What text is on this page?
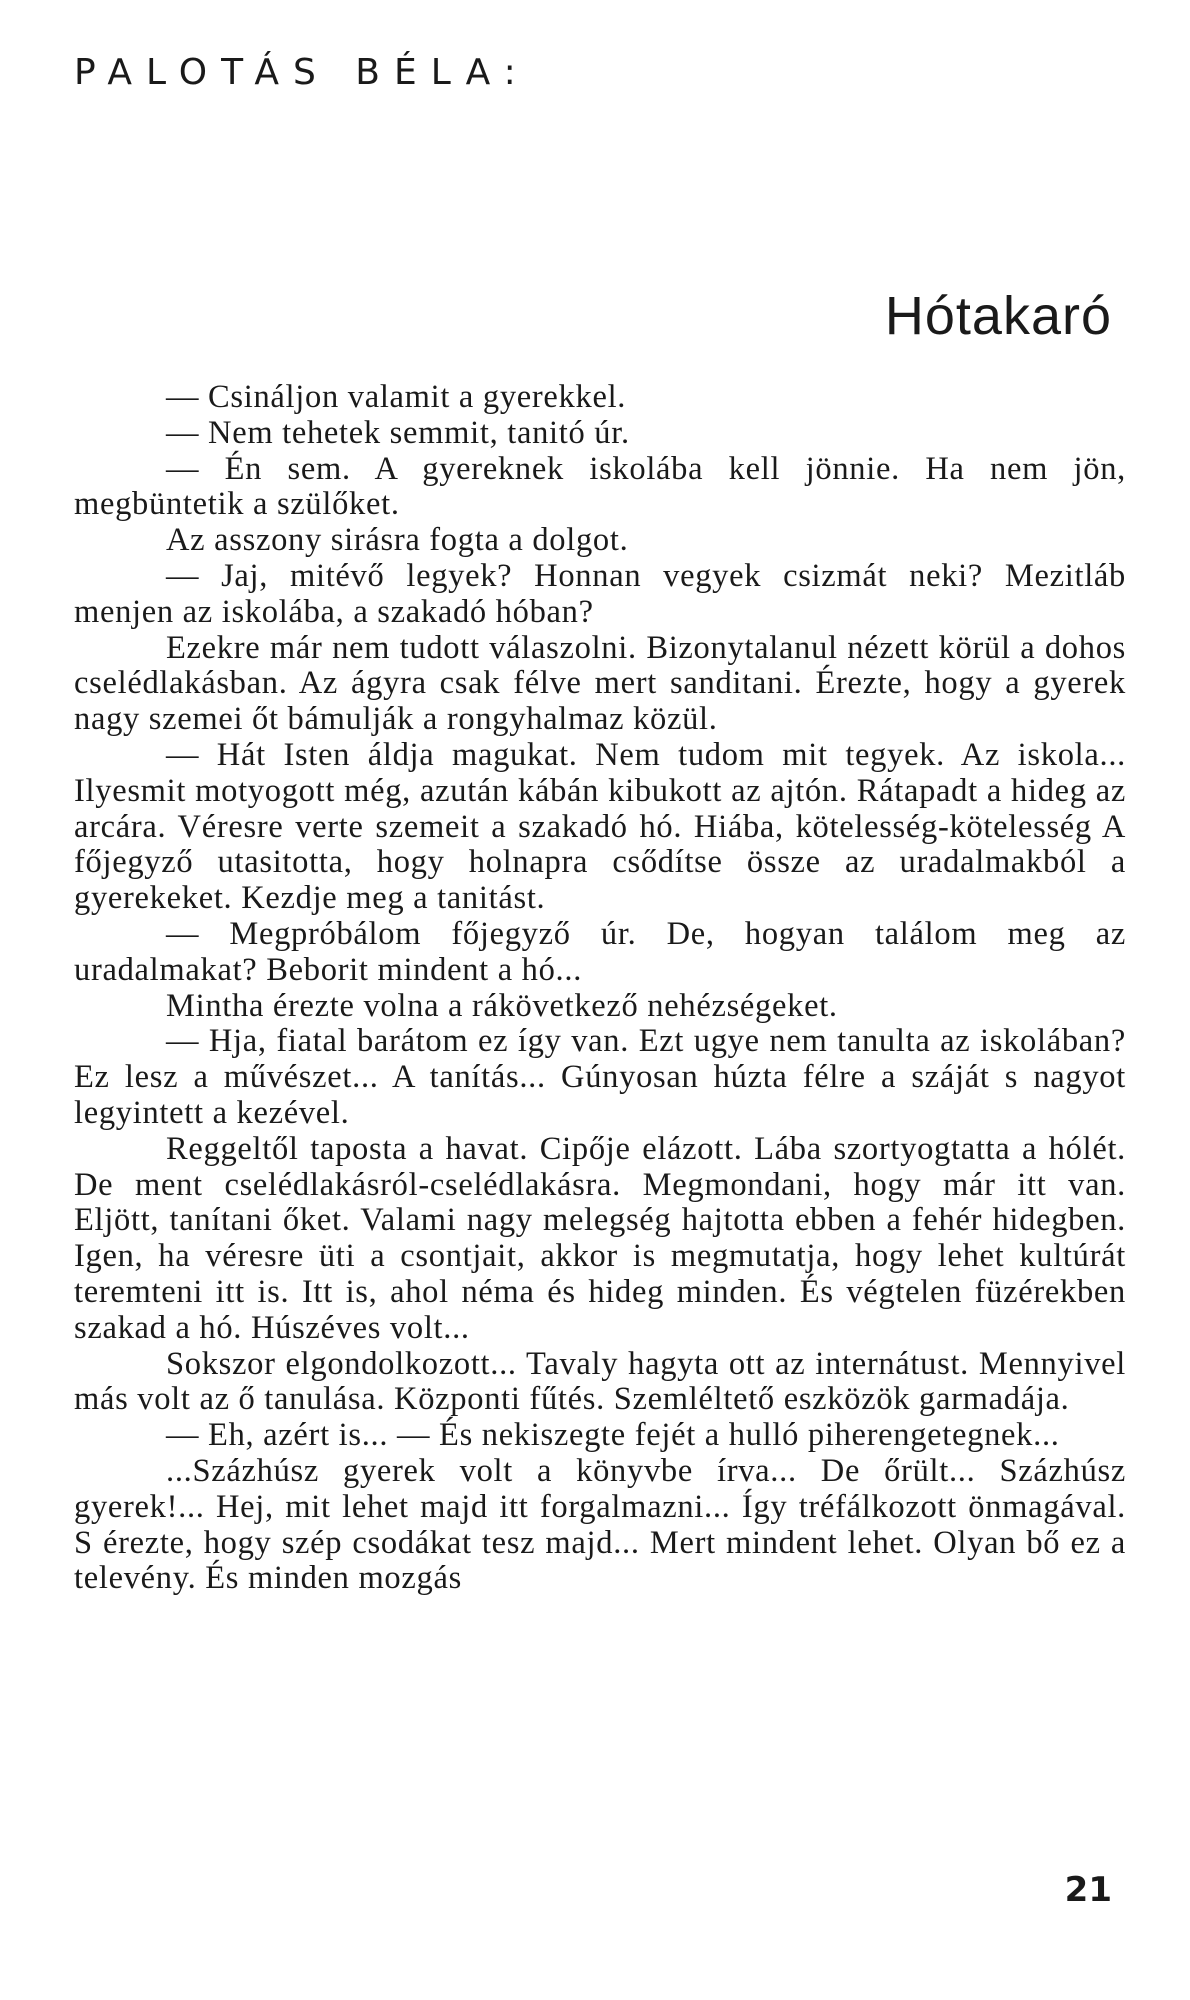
PALOTÁS BÉLA:
Hótakaró

— Csináljon valamit a gyerekkel.

— Nem tehetek semmit, tanitó úr.

— Én sem. A gyereknek iskolába kell jönnie. Ha nem jön, megbüntetik a szülőket.

Az asszony sirásra fogta a dolgot.

— Jaj, mitévő legyek? Honnan vegyek csizmát neki? Mezitláb menjen az iskolába, a szakadó hóban?

Ezekre már nem tudott válaszolni. Bizonytalanul nézett körül a dohos cselédlakásban. Az ágyra csak félve mert sanditani. Érezte, hogy a gyerek nagy szemei őt bámulják a rongyhalmaz közül.

— Hát Isten áldja magukat. Nem tudom mit tegyek. Az iskola... Ilyesmit motyogott még, azután kábán kibukott az ajtón. Rátapadt a hideg az arcára. Véresre verte szemeit a szakadó hó. Hiába, kötelesség-kötelesség A főjegyző utasitotta, hogy holnapra csődítse össze az uradalmakból a gyerekeket. Kezdje meg a tanitást.

— Megpróbálom főjegyző úr. De, hogyan találom meg az uradalmakat? Beborit mindent a hó...

Mintha érezte volna a rákövetkező nehézségeket.

— Hja, fiatal barátom ez így van. Ezt ugye nem tanulta az iskolában? Ez lesz a művészet... A tanítás... Gúnyosan húzta félre a száját s nagyot legyintett a kezével.

Reggeltől taposta a havat. Cipője elázott. Lába szortyogtatta a hólét. De ment cselédlakásról-cselédlakásra. Megmondani, hogy már itt van. Eljött, tanítani őket. Valami nagy melegség hajtotta ebben a fehér hidegben. Igen, ha véresre üti a csontjait, akkor is megmutatja, hogy lehet kultúrát teremteni itt is. Itt is, ahol néma és hideg minden. És végtelen füzérekben szakad a hó. Húszéves volt...

Sokszor elgondolkozott... Tavaly hagyta ott az internátust. Mennyivel más volt az ő tanulása. Központi fűtés. Szemléltető eszközök garmadája.

— Eh, azért is... — És nekiszegte fejét a hulló piherengetegnek...

...Százhúsz gyerek volt a könyvbe írva... De őrült... Százhúsz gyerek!... Hej, mit lehet majd itt forgalmazni... Így tréfálkozott önmagával. S érezte, hogy szép csodákat tesz majd... Mert mindent lehet. Olyan bő ez a televény. És minden mozgás

21
